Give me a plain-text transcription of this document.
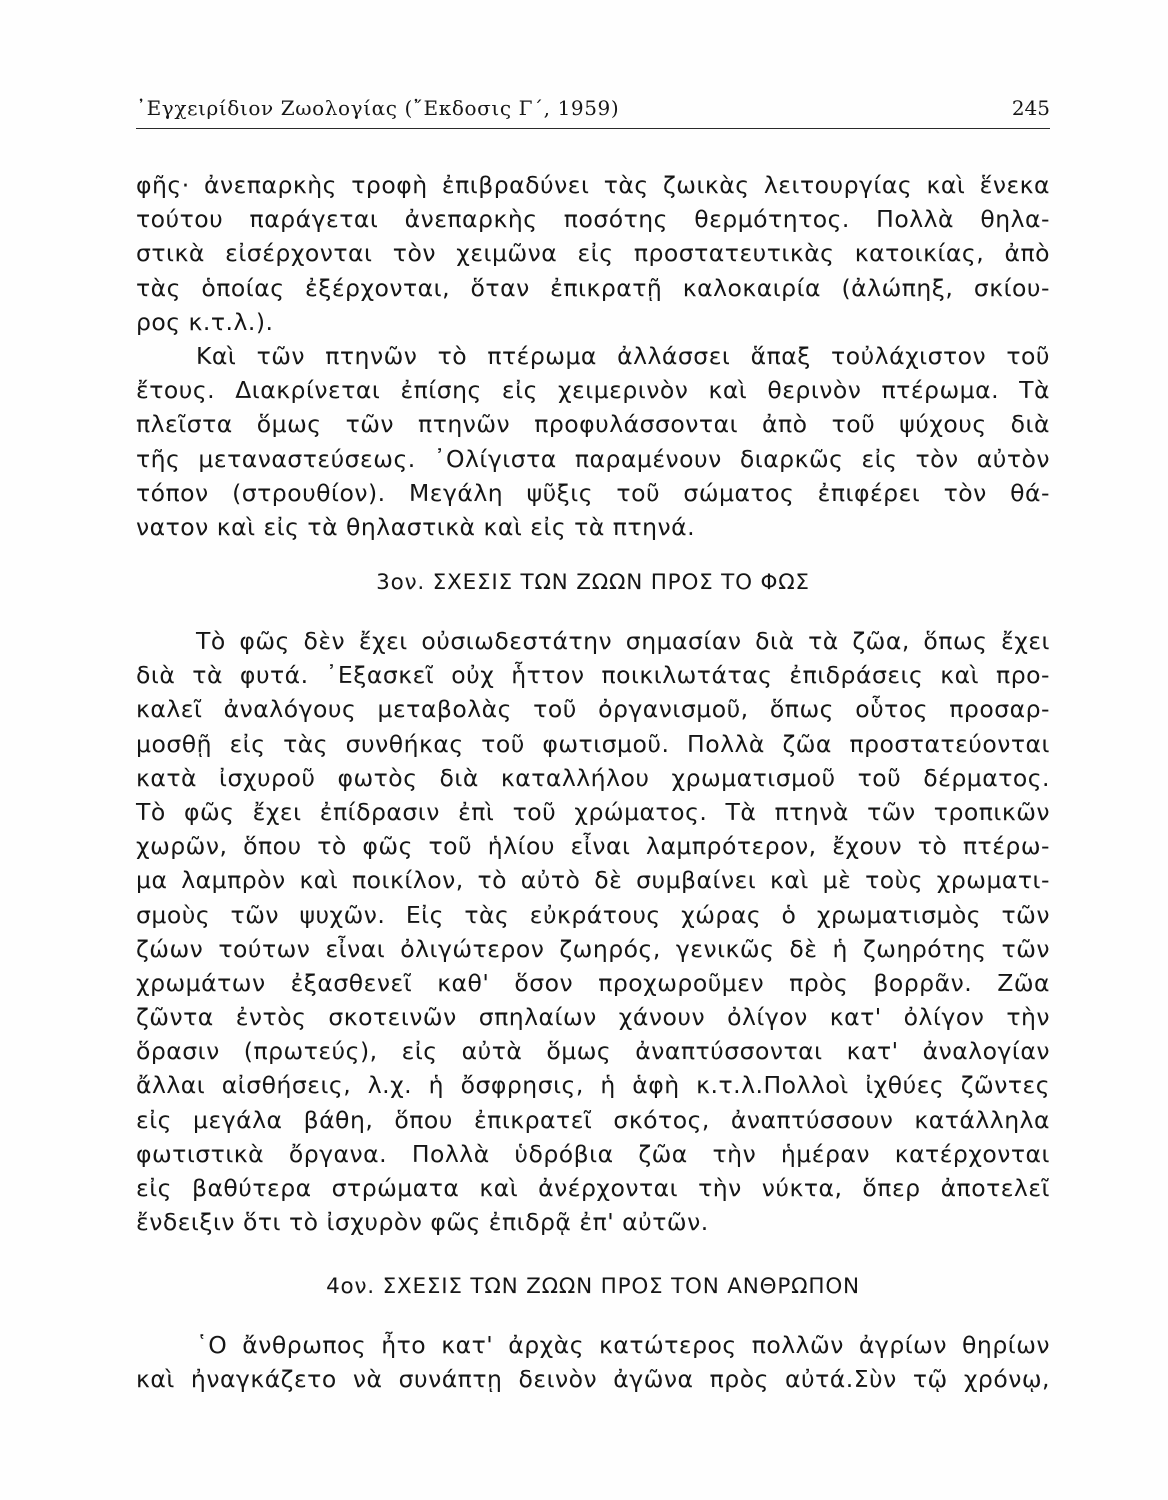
᾿Εγχειρίδιον Ζωολογίας (῎Εκδοσις Γ΄, 1959)	245
φῆς· ἀνεπαρκὴς τροφὴ ἐπιβραδύνει τὰς ζωικὰς λειτουργίας καὶ ἕνεκα
τούτου παράγεται ἀνεπαρκὴς ποσότης θερμότητος. Πολλὰ θηλα-
στικὰ εἰσέρχονται τὸν χειμῶνα εἰς προστατευτικὰς κατοικίας, ἀπὸ
τὰς ὁποίας ἐξέρχονται, ὅταν ἐπικρατῇ καλοκαιρία (ἀλώπηξ, σκίου-
ρος κ.τ.λ.).
Καὶ τῶν πτηνῶν τὸ πτέρωμα ἀλλάσσει ἅπαξ τοὐλάχιστον τοῦ
ἔτους. Διακρίνεται ἐπίσης εἰς χειμερινὸν καὶ θερινὸν πτέρωμα. Τὰ
πλεῖστα ὅμως τῶν πτηνῶν προφυλάσσονται ἀπὸ τοῦ ψύχους διὰ
τῆς μεταναστεύσεως. ᾿Ολίγιστα παραμένουν διαρκῶς εἰς τὸν αὐτὸν
τόπον (στρουθίον). Μεγάλη ψῦξις τοῦ σώματος ἐπιφέρει τὸν θά-
νατον καὶ εἰς τὰ θηλαστικὰ καὶ εἰς τὰ πτηνά.
3ον. ΣΧΕΣΙΣ ΤΩΝ ΖΩΩΝ ΠΡΟΣ ΤΟ ΦΩΣ
Τὸ φῶς δὲν ἔχει οὐσιωδεστάτην σημασίαν διὰ τὰ ζῶα, ὅπως ἔχει
διὰ τὰ φυτά. ᾿Εξασκεῖ οὐχ ἧττον ποικιλωτάτας ἐπιδράσεις καὶ προ-
καλεῖ ἀναλόγους μεταβολὰς τοῦ ὀργανισμοῦ, ὅπως οὗτος προσαρ-
μοσθῇ εἰς τὰς συνθήκας τοῦ φωτισμοῦ. Πολλὰ ζῶα προστατεύονται
κατὰ ἰσχυροῦ φωτὸς διὰ καταλλήλου χρωματισμοῦ τοῦ δέρματος.
Τὸ φῶς ἔχει ἐπίδρασιν ἐπὶ τοῦ χρώματος. Τὰ πτηνὰ τῶν τροπικῶν
χωρῶν, ὅπου τὸ φῶς τοῦ ἡλίου εἶναι λαμπρότερον, ἔχουν τὸ πτέρω-
μα λαμπρὸν καὶ ποικίλον, τὸ αὐτὸ δὲ συμβαίνει καὶ μὲ τοὺς χρωματι-
σμοὺς τῶν ψυχῶν. Εἰς τὰς εὐκράτους χώρας ὁ χρωματισμὸς τῶν
ζώων τούτων εἶναι ὀλιγώτερον ζωηρός, γενικῶς δὲ ἡ ζωηρότης τῶν
χρωμάτων ἐξασθενεῖ καθ' ὅσον προχωροῦμεν πρὸς βορρᾶν. Ζῶα
ζῶντα ἐντὸς σκοτεινῶν σπηλαίων χάνουν ὀλίγον κατ' ὀλίγον τὴν
ὅρασιν (πρωτεύς), εἰς αὐτὰ ὅμως ἀναπτύσσονται κατ' ἀναλογίαν
ἄλλαι αἰσθήσεις, λ.χ. ἡ ὄσφρησις, ἡ ἁφὴ κ.τ.λ.Πολλοὶ ἰχθύες ζῶντες
εἰς μεγάλα βάθη, ὅπου ἐπικρατεῖ σκότος, ἀναπτύσσουν κατάλληλα
φωτιστικὰ ὄργανα. Πολλὰ ὑδρόβια ζῶα τὴν ἡμέραν κατέρχονται
εἰς βαθύτερα στρώματα καὶ ἀνέρχονται τὴν νύκτα, ὅπερ ἀποτελεῖ
ἔνδειξιν ὅτι τὸ ἰσχυρὸν φῶς ἐπιδρᾷ ἐπ' αὐτῶν.
4ον. ΣΧΕΣΙΣ ΤΩΝ ΖΩΩΝ ΠΡΟΣ ΤΟΝ ΑΝΘΡΩΠΟΝ
῾Ο ἄνθρωπος ἦτο κατ' ἀρχὰς κατώτερος πολλῶν ἀγρίων θηρίων
καὶ ἠναγκάζετο νὰ συνάπτῃ δεινὸν ἀγῶνα πρὸς αὐτά.Σὺν τῷ χρόνῳ,
